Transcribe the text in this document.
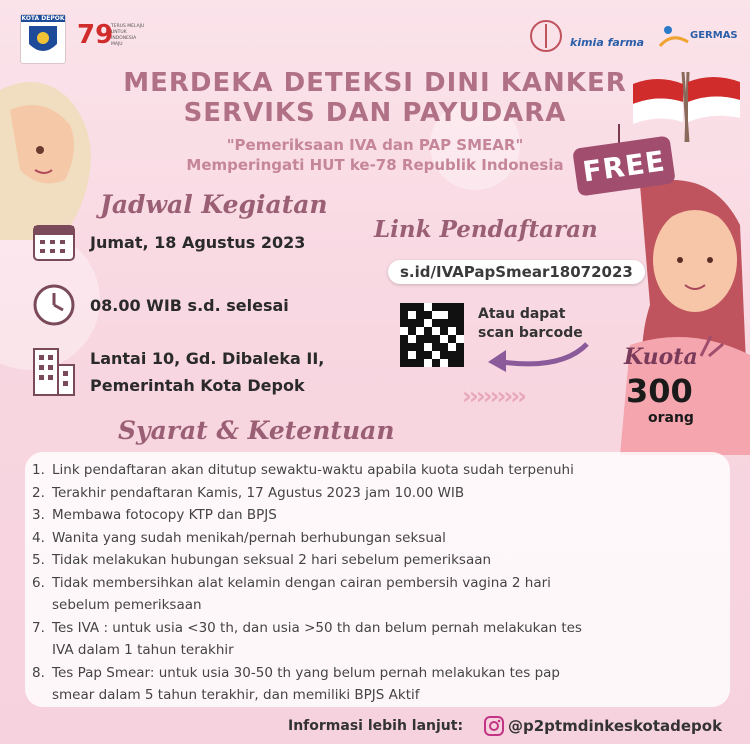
KOTA DEPOK
79
TERUS MELAJU UNTUK INDONESIA MAJU	kimia farma
GERMAS
MERDEKA DETEKSI DINI KANKER
SERVIKS DAN PAYUDARA
"Pemeriksaan IVA dan PAP SMEAR"
Memperingati HUT ke-78 Republik Indonesia FREE
Jadwal Kegiatan
Jumat, 18 Agustus 2023
08.00 WIB s.d. selesai
Lantai 10, Gd. Dibaleka II,
Pemerintah Kota Depok
Link Pendaftaran
s.id/IVAPapSmear18072023
Atau dapat
scan barcode
›››››››››
Kuota
300
orang
Syarat & Ketentuan
1. Link pendaftaran akan ditutup sewaktu-waktu apabila kuota sudah terpenuhi
2. Terakhir pendaftaran Kamis, 17 Agustus 2023 jam 10.00 WIB
3. Membawa fotocopy KTP dan BPJS
4. Wanita yang sudah menikah/pernah berhubungan seksual
5. Tidak melakukan hubungan seksual 2 hari sebelum pemeriksaan
6. Tidak membersihkan alat kelamin dengan cairan pembersih vagina 2 hari
sebelum pemeriksaan
7. Tes IVA : untuk usia <30 th, dan usia >50 th dan belum pernah melakukan tes
IVA dalam 1 tahun terakhir
8. Tes Pap Smear: untuk usia 30-50 th yang belum pernah melakukan tes pap
smear dalam 5 tahun terakhir, dan memiliki BPJS Aktif
Informasi lebih lanjut:	@p2ptmdinkeskotadepok
